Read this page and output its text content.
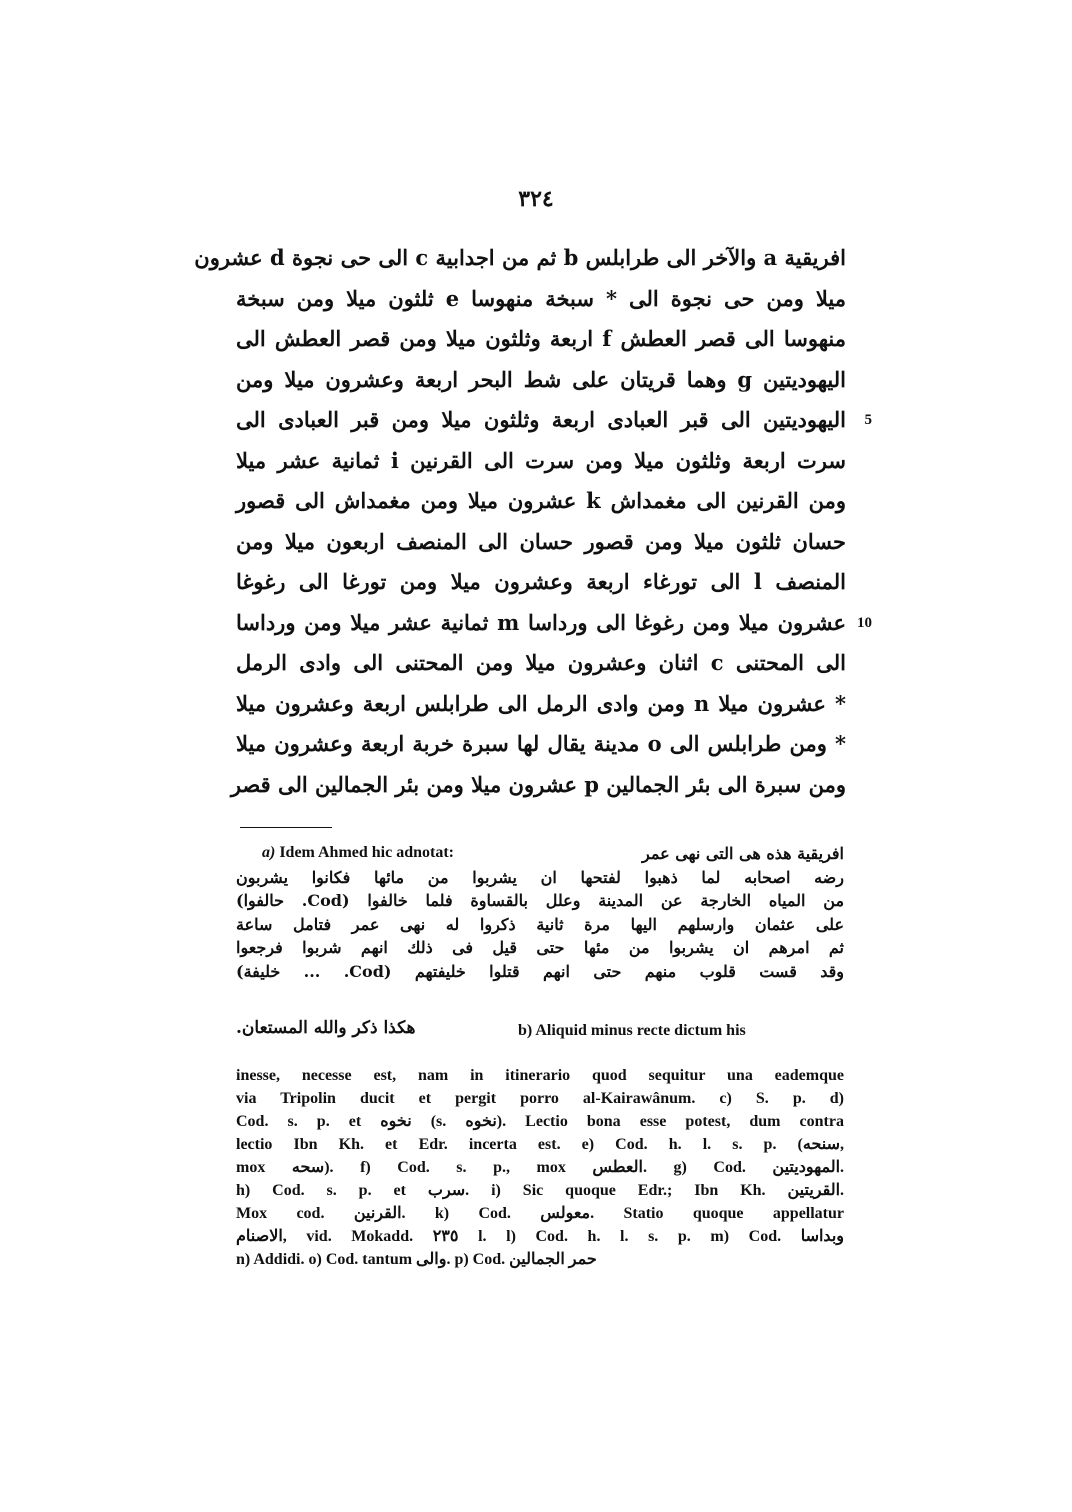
٣٢٤
افريقية a والآخر الى طرابلس b ثم من اجدابية c الى حى نجوة d عشرون
ميلا ومن حى نجوة الى * سبخة منهوسا e ثلثون ميلا ومن سبخة
منهوسا الى قصر العطش f اربعة وثلثون ميلا ومن قصر العطش الى
اليهوديتين g وهما قريتان على شط البحر اربعة وعشرون ميلا ومن
اليهوديتين الى قبر العبادى اربعة وثلثون ميلا ومن قبر العبادى الى 5
سرت اربعة وثلثون ميلا ومن سرت الى القرنين i ثمانية عشر ميلا
ومن القرنين الى مغمداش k عشرون ميلا ومن مغمداش الى قصور
حسان ثلثون ميلا ومن قصور حسان الى المنصف اربعون ميلا ومن
المنصف l الى تورغاء اربعة وعشرون ميلا ومن تورغا الى رغوغا
عشرون ميلا ومن رغوغا الى ورداسا m ثمانية عشر ميلا ومن ورداسا 10
الى المحتنى c اثنان وعشرون ميلا ومن المحتنى الى وادى الرمل
* عشرون ميلا n ومن وادى الرمل الى طرابلس اربعة وعشرون ميلا
* ومن طرابلس الى o مدينة يقال لها سبرة خربة اربعة وعشرون ميلا
ومن سبرة الى بئر الجمالين p عشرون ميلا ومن بئر الجمالين الى قصر
a) Idem Ahmed hic adnotat:	افريقية هذه هى التى نهى عمر
رضه اصحابه لما ذهبوا لفتحها ان يشربوا من مائها فكانوا يشربون
من المياه الخارجة عن المدينة وعلل بالقساوة فلما خالفوا (Cod. حالفوا)
على عثمان وارسلهم اليها مرة ثانية ذكروا له نهى عمر فتامل ساعة
ثم امرهم ان يشربوا من مئها حتى قيل فى ذلك انهم شربوا فرجعوا
وقد قست قلوب منهم حتى انهم قتلوا خليفتهم (Cod. ... خليفة)
هكذا ذكر والله المستعان.	b) Aliquid minus recte dictum his
inesse, necesse est, nam in itinerario quod sequitur una eademque
via Tripolin ducit et pergit porro al-Kairawânum. c) S. p. d)
Cod. s. p. et نخوه (s. نخوه). Lectio bona esse potest, dum contra
lectio Ibn Kh. et Edr. incerta est. e) Cod. h. l. s. p. (سنحه,
mox سحه). f) Cod. s. p., mox العطس. g) Cod. المهوديتين.
h) Cod. s. p. et سرب. i) Sic quoque Edr.; Ibn Kh. القريتين.
Mox cod. القرنين. k) Cod. معولس. Statio quoque appellatur
الاصنام, vid. Mokadd. ٢٣٥ l. l) Cod. h. l. s. p. m) Cod. وبداسا
n) Addidi. o) Cod. tantum والى. p) Cod. حمر الجمالين
